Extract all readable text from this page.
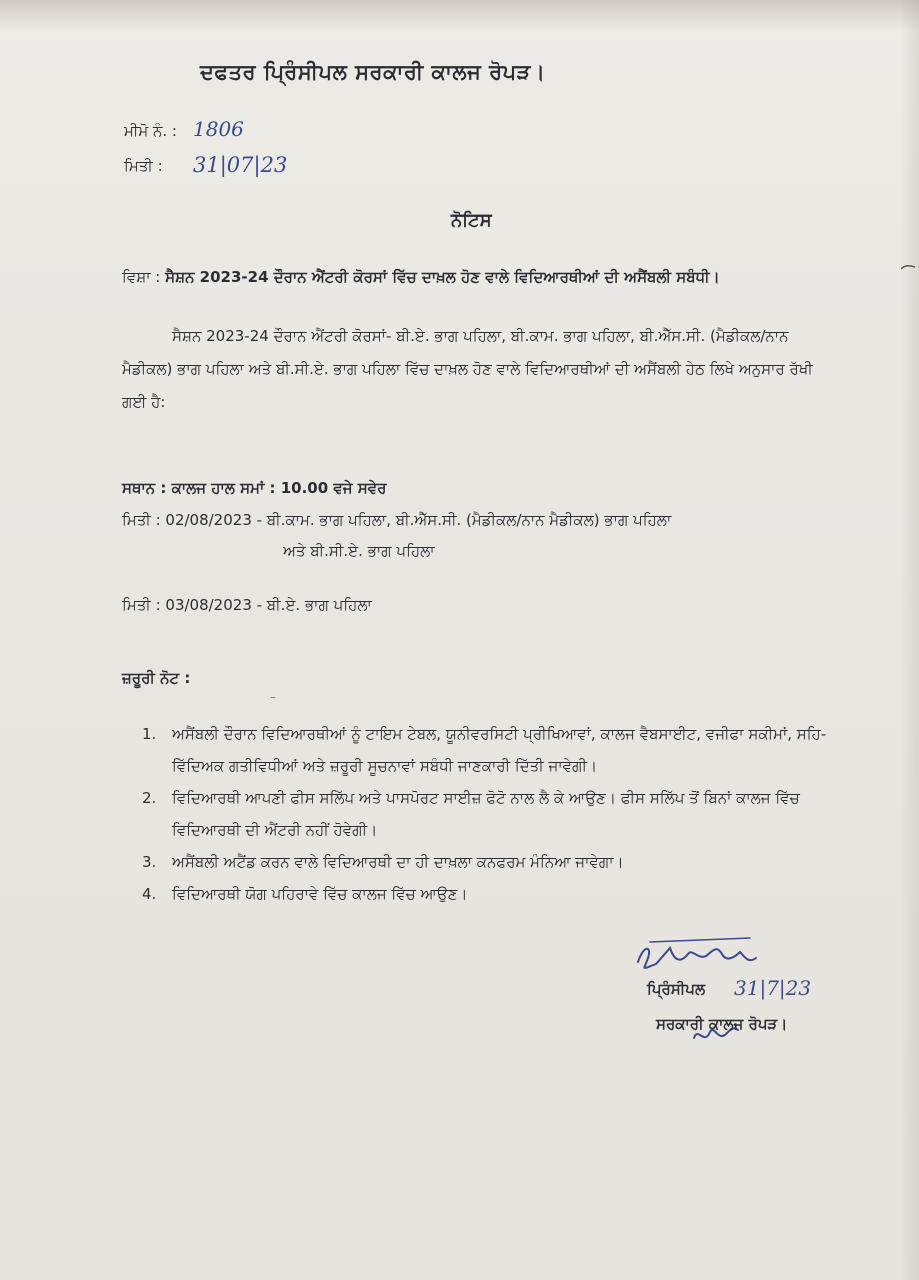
ਦਫਤਰ ਪ੍ਰਿੰਸੀਪਲ ਸਰਕਾਰੀ ਕਾਲਜ ਰੋਪੜ।
ਮੀਮੋ ਨੰ. : 1806
ਮਿਤੀ : 31|07|23
ਨੋਟਿਸ
ਵਿਸ਼ਾ : ਸੈਸ਼ਨ 2023-24 ਦੌਰਾਨ ਐਂਟਰੀ ਕੋਰਸਾਂ ਵਿੱਚ ਦਾਖ਼ਲ ਹੋਣ ਵਾਲੇ ਵਿਦਿਆਰਥੀਆਂ ਦੀ ਅਸੈਂਬਲੀ ਸਬੰਧੀ।
ਸੈਸ਼ਨ 2023-24 ਦੌਰਾਨ ਐਂਟਰੀ ਕੋਰਸਾਂ- ਬੀ.ਏ. ਭਾਗ ਪਹਿਲਾ, ਬੀ.ਕਾਮ. ਭਾਗ ਪਹਿਲਾ, ਬੀ.ਐੱਸ.ਸੀ. (ਮੈਡੀਕਲ/ਨਾਨ ਮੈਡੀਕਲ) ਭਾਗ ਪਹਿਲਾ ਅਤੇ ਬੀ.ਸੀ.ਏ. ਭਾਗ ਪਹਿਲਾ ਵਿੱਚ ਦਾਖ਼ਲ ਹੋਣ ਵਾਲੇ ਵਿਦਿਆਰਥੀਆਂ ਦੀ ਅਸੈਂਬਲੀ ਹੇਠ ਲਿਖੇ ਅਨੁਸਾਰ ਰੱਖੀ ਗਈ ਹੈ:
ਸਥਾਨ : ਕਾਲਜ ਹਾਲ ਸਮਾਂ : 10.00 ਵਜੇ ਸਵੇਰ
ਮਿਤੀ : 02/08/2023 - ਬੀ.ਕਾਮ. ਭਾਗ ਪਹਿਲਾ, ਬੀ.ਐੱਸ.ਸੀ. (ਮੈਡੀਕਲ/ਨਾਨ ਮੈਡੀਕਲ) ਭਾਗ ਪਹਿਲਾ
ਅਤੇ ਬੀ.ਸੀ.ਏ. ਭਾਗ ਪਹਿਲਾ
ਮਿਤੀ : 03/08/2023 - ਬੀ.ਏ. ਭਾਗ ਪਹਿਲਾ
ਜ਼ਰੂਰੀ ਨੋਟ :
–
1.	ਅਸੈਂਬਲੀ ਦੌਰਾਨ ਵਿਦਿਆਰਥੀਆਂ ਨੂੰ ਟਾਇਮ ਟੇਬਲ, ਯੂਨੀਵਰਸਿਟੀ ਪ੍ਰੀਖਿਆਵਾਂ, ਕਾਲਜ ਵੈਬਸਾਈਟ, ਵਜੀਫਾ ਸਕੀਮਾਂ, ਸਹਿ-ਵਿੱਦਿਅਕ ਗਤੀਵਿਧੀਆਂ ਅਤੇ ਜ਼ਰੂਰੀ ਸੂਚਨਾਵਾਂ ਸਬੰਧੀ ਜਾਣਕਾਰੀ ਦਿੱਤੀ ਜਾਵੇਗੀ।
2.	ਵਿਦਿਆਰਥੀ ਆਪਣੀ ਫੀਸ ਸਲਿੱਪ ਅਤੇ ਪਾਸਪੋਰਟ ਸਾਈਜ਼ ਫੋਟੋ ਨਾਲ ਲੈ ਕੇ ਆਉਣ। ਫੀਸ ਸਲਿੱਪ ਤੋਂ ਬਿਨਾਂ ਕਾਲਜ ਵਿੱਚ ਵਿਦਿਆਰਥੀ ਦੀ ਐਂਟਰੀ ਨਹੀਂ ਹੋਵੇਗੀ।
3.	ਅਸੈਂਬਲੀ ਅਟੈਂਡ ਕਰਨ ਵਾਲੇ ਵਿਦਿਆਰਥੀ ਦਾ ਹੀ ਦਾਖ਼ਲਾ ਕਨਫਰਮ ਮੰਨਿਆ ਜਾਵੇਗਾ।
4.	ਵਿਦਿਆਰਥੀ ਯੋਗ ਪਹਿਰਾਵੇ ਵਿੱਚ ਕਾਲਜ ਵਿੱਚ ਆਉਣ।
ਪ੍ਰਿੰਸੀਪਲ 31|7|23
ਸਰਕਾਰੀ ਕਾਲਜ ਰੋਪੜ।
